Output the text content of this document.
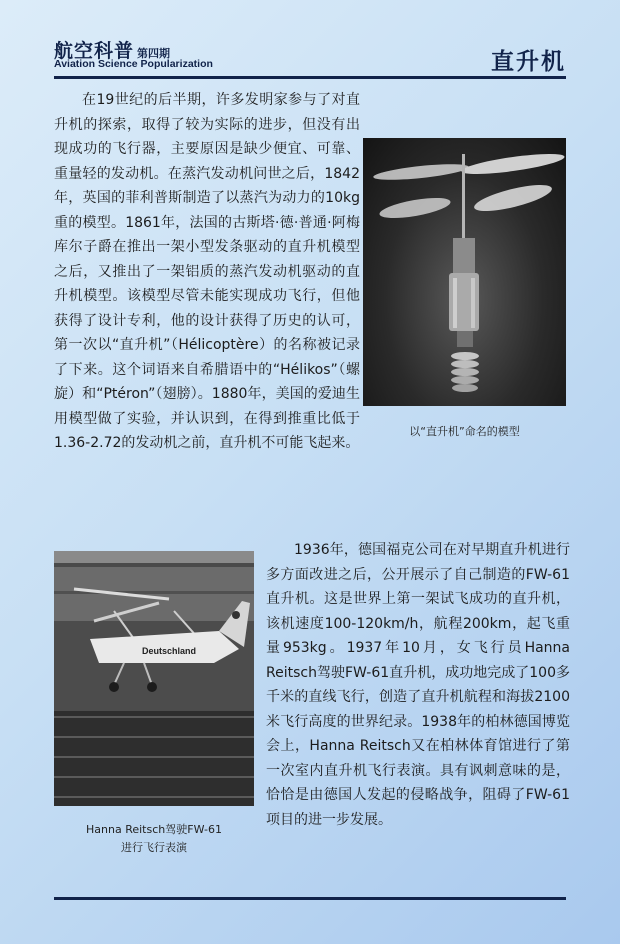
航空科普 第四期
Aviation Science Popularization	直升机

在19世纪的后半期，许多发明家参与了对直升机的探索，取得了较为实际的进步，但没有出现成功的飞行器，主要原因是缺少便宜、可靠、重量轻的发动机。在蒸汽发动机问世之后，1842年，英国的菲利普斯制造了以蒸汽为动力的10kg重的模型。1861年，法国的古斯塔·德·普通·阿梅库尔子爵在推出一架小型发条驱动的直升机模型之后，又推出了一架铝质的蒸汽发动机驱动的直升机模型。该模型尽管未能实现成功飞行，但他获得了设计专利，他的设计获得了历史的认可，第一次以“直升机”（Hélicoptère）的名称被记录了下来。这个词语来自希腊语中的“Hélikos”（螺旋）和“Ptéron”（翅膀）。1880年，美国的爱迪生用模型做了实验，并认识到，在得到推重比低于1.36-2.72的发动机之前，直升机不可能飞起来。

以“直升机”命名的模型
Deutschland
Hanna Reitsch驾驶FW-61
进行飞行表演

1936年，德国福克公司在对早期直升机进行多方面改进之后，公开展示了自己制造的FW-61直升机。这是世界上第一架试飞成功的直升机，该机速度100-120km/h，航程200km，起飞重量953kg。1937年10月，女飞行员Hanna Reitsch驾驶FW-61直升机，成功地完成了100多千米的直线飞行，创造了直升机航程和海拔2100米飞行高度的世界纪录。1938年的柏林德国博览会上，Hanna Reitsch又在柏林体育馆进行了第一次室内直升机飞行表演。具有讽刺意味的是，恰恰是由德国人发起的侵略战争，阻碍了FW-61项目的进一步发展。
